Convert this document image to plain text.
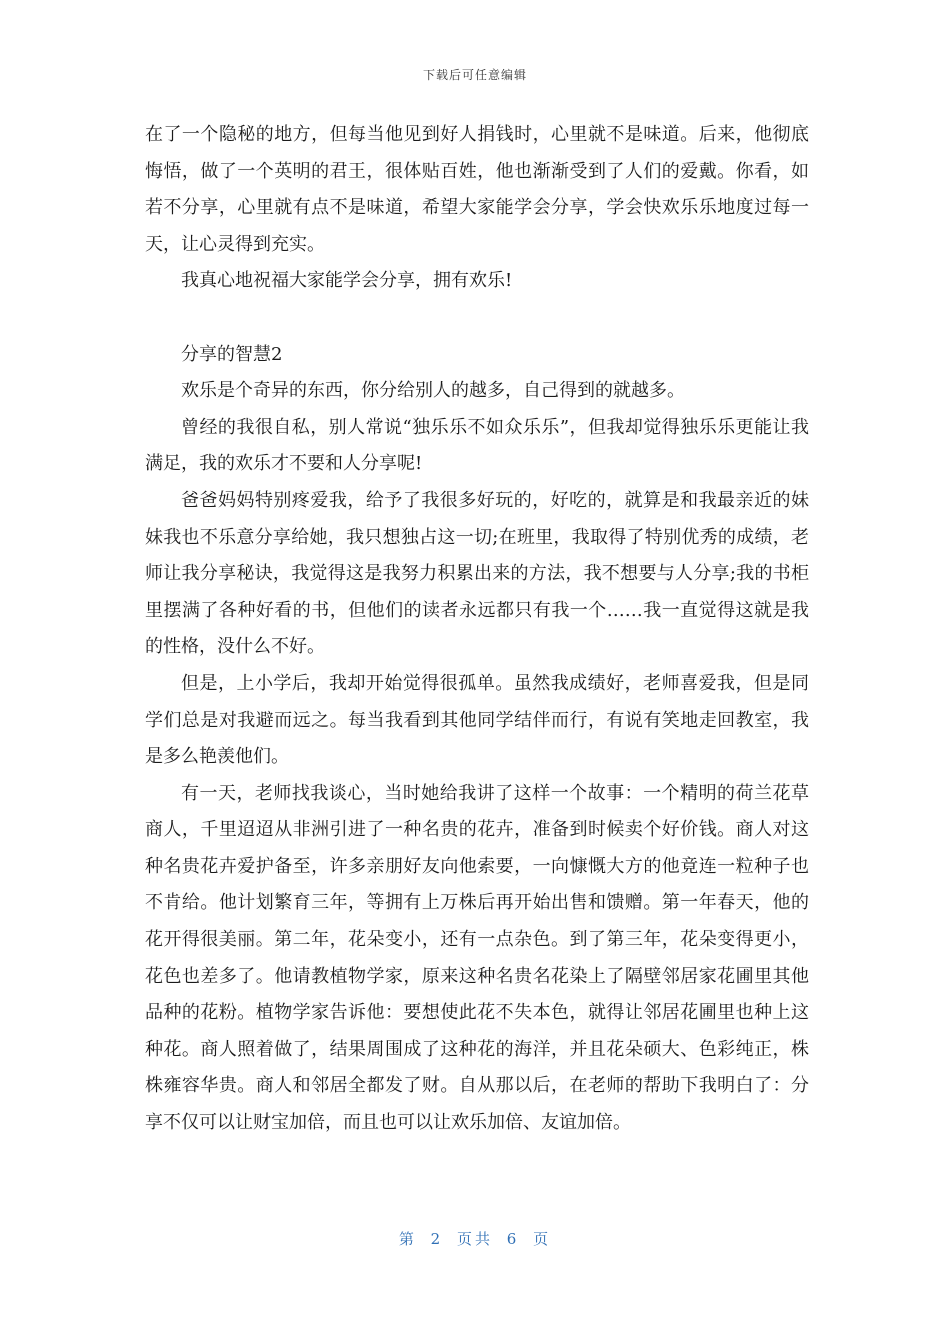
下载后可任意编辑

在了一个隐秘的地方，但每当他见到好人捐钱时，心里就不是味道。后来，他彻底悔悟，做了一个英明的君王，很体贴百姓，他也渐渐受到了人们的爱戴。你看，如若不分享，心里就有点不是味道，希望大家能学会分享，学会快欢乐乐地度过每一天，让心灵得到充实。

我真心地祝福大家能学会分享，拥有欢乐!

分享的智慧2

欢乐是个奇异的东西，你分给别人的越多，自己得到的就越多。

曾经的我很自私，别人常说“独乐乐不如众乐乐”，但我却觉得独乐乐更能让我满足，我的欢乐才不要和人分享呢!

爸爸妈妈特别疼爱我，给予了我很多好玩的，好吃的，就算是和我最亲近的妹妹我也不乐意分享给她，我只想独占这一切;在班里，我取得了特别优秀的成绩，老师让我分享秘诀，我觉得这是我努力积累出来的方法，我不想要与人分享;我的书柜里摆满了各种好看的书，但他们的读者永远都只有我一个……我一直觉得这就是我的性格，没什么不好。

但是，上小学后，我却开始觉得很孤单。虽然我成绩好，老师喜爱我，但是同学们总是对我避而远之。每当我看到其他同学结伴而行，有说有笑地走回教室，我是多么艳羡他们。

有一天，老师找我谈心，当时她给我讲了这样一个故事：一个精明的荷兰花草商人，千里迢迢从非洲引进了一种名贵的花卉，准备到时候卖个好价钱。商人对这种名贵花卉爱护备至，许多亲朋好友向他索要，一向慷慨大方的他竟连一粒种子也不肯给。他计划繁育三年，等拥有上万株后再开始出售和馈赠。第一年春天，他的花开得很美丽。第二年，花朵变小，还有一点杂色。到了第三年，花朵变得更小，花色也差多了。他请教植物学家，原来这种名贵名花染上了隔壁邻居家花圃里其他品种的花粉。植物学家告诉他：要想使此花不失本色，就得让邻居花圃里也种上这种花。商人照着做了，结果周围成了这种花的海洋，并且花朵硕大、色彩纯正，株株雍容华贵。商人和邻居全都发了财。自从那以后，在老师的帮助下我明白了：分享不仅可以让财宝加倍，而且也可以让欢乐加倍、友谊加倍。

第 2 页共 6 页
